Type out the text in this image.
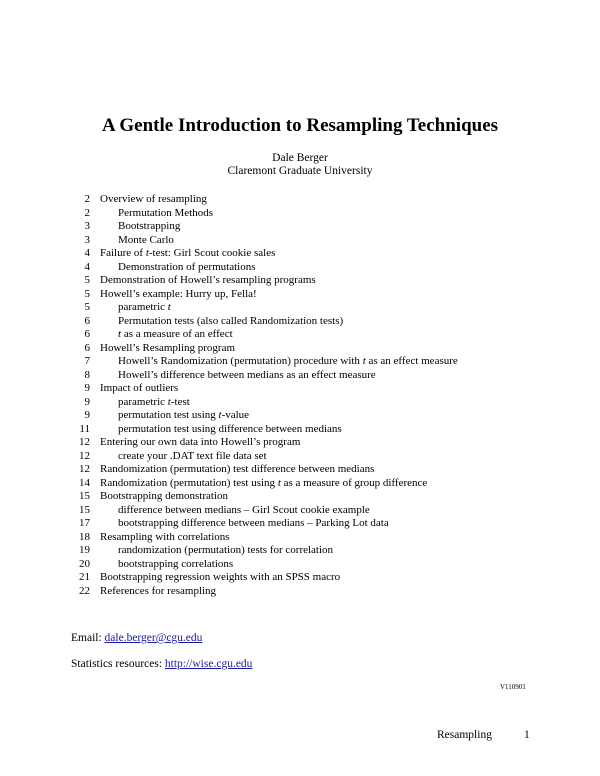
A Gentle Introduction to Resampling Techniques
Dale Berger
Claremont Graduate University
2 Overview of resampling
2	Permutation Methods
3	Bootstrapping
3	Monte Carlo
4 Failure of t-test: Girl Scout cookie sales
4	Demonstration of permutations
5 Demonstration of Howell’s resampling programs
5 Howell’s example: Hurry up, Fella!
5	parametric t
6	Permutation tests (also called Randomization tests)
6	t as a measure of an effect
6 Howell’s Resampling program
7	Howell’s Randomization (permutation) procedure with t as an effect measure
8	Howell’s difference between medians as an effect measure
9 Impact of outliers
9	parametric t-test
9	permutation test using t-value
11	permutation test using difference between medians
12 Entering our own data into Howell’s program
12	create your .DAT text file data set
12 Randomization (permutation) test difference between medians
14 Randomization (permutation) test using t as a measure of group difference
15 Bootstrapping demonstration
15	difference between medians – Girl Scout cookie example
17	bootstrapping difference between medians – Parking Lot data
18 Resampling with correlations
19	randomization (permutation) tests for correlation
20	bootstrapping correlations
21 Bootstrapping regression weights with an SPSS macro
22 References for resampling
Email: dale.berger@cgu.edu
Statistics resources: http://wise.cgu.edu
V110901
Resampling	1
